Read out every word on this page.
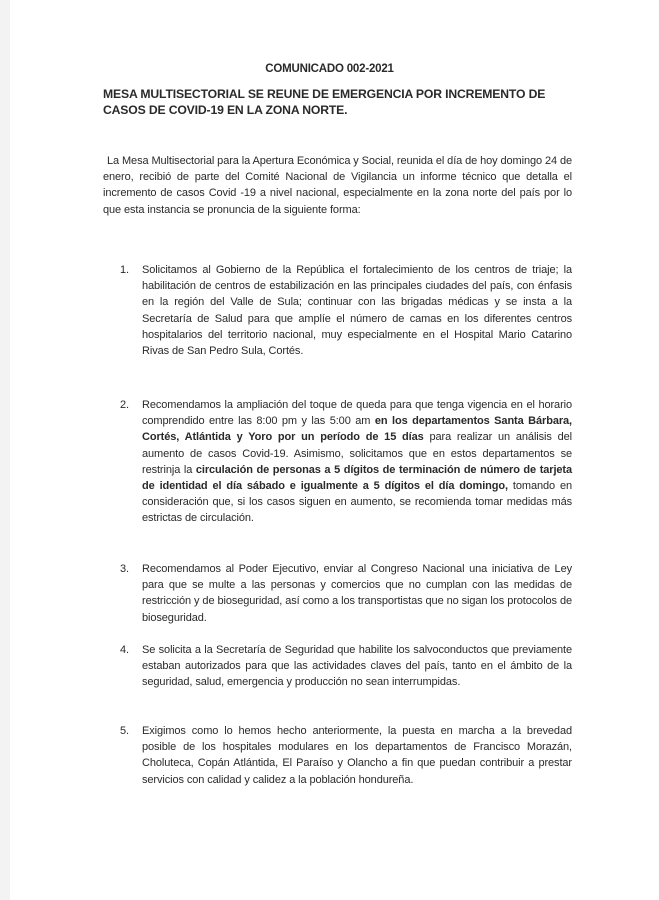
COMUNICADO 002-2021
MESA MULTISECTORIAL SE REUNE DE EMERGENCIA POR INCREMENTO DE CASOS DE COVID-19 EN LA ZONA NORTE.
La Mesa Multisectorial para la Apertura Económica y Social, reunida el día de hoy domingo 24 de enero, recibió de parte del Comité Nacional de Vigilancia un informe técnico que detalla el incremento de casos Covid -19 a nivel nacional, especialmente en la zona norte del país por lo que esta instancia se pronuncia de la siguiente forma:
1.	Solicitamos al Gobierno de la República el fortalecimiento de los centros de triaje; la habilitación de centros de estabilización en las principales ciudades del país, con énfasis en la región del Valle de Sula; continuar con las brigadas médicas y se insta a la Secretaría de Salud para que amplíe el número de camas en los diferentes centros hospitalarios del territorio nacional, muy especialmente en el Hospital Mario Catarino Rivas de San Pedro Sula, Cortés.
2.	Recomendamos la ampliación del toque de queda para que tenga vigencia en el horario comprendido entre las 8:00 pm y las 5:00 am en los departamentos Santa Bárbara, Cortés, Atlántida y Yoro por un período de 15 días para realizar un análisis del aumento de casos Covid-19. Asimismo, solicitamos que en estos departamentos se restrinja la circulación de personas a 5 dígitos de terminación de número de tarjeta de identidad el día sábado e igualmente a 5 dígitos el día domingo, tomando en consideración que, si los casos siguen en aumento, se recomienda tomar medidas más estrictas de circulación.
3.	Recomendamos al Poder Ejecutivo, enviar al Congreso Nacional una iniciativa de Ley para que se multe a las personas y comercios que no cumplan con las medidas de restricción y de bioseguridad, así como a los transportistas que no sigan los protocolos de bioseguridad.
4.	Se solicita a la Secretaría de Seguridad que habilite los salvoconductos que previamente estaban autorizados para que las actividades claves del país, tanto en el ámbito de la seguridad, salud, emergencia y producción no sean interrumpidas.
5.	Exigimos como lo hemos hecho anteriormente, la puesta en marcha a la brevedad posible de los hospitales modulares en los departamentos de Francisco Morazán, Choluteca, Copán Atlántida, El Paraíso y Olancho a fin que puedan contribuir a prestar servicios con calidad y calidez a la población hondureña.
